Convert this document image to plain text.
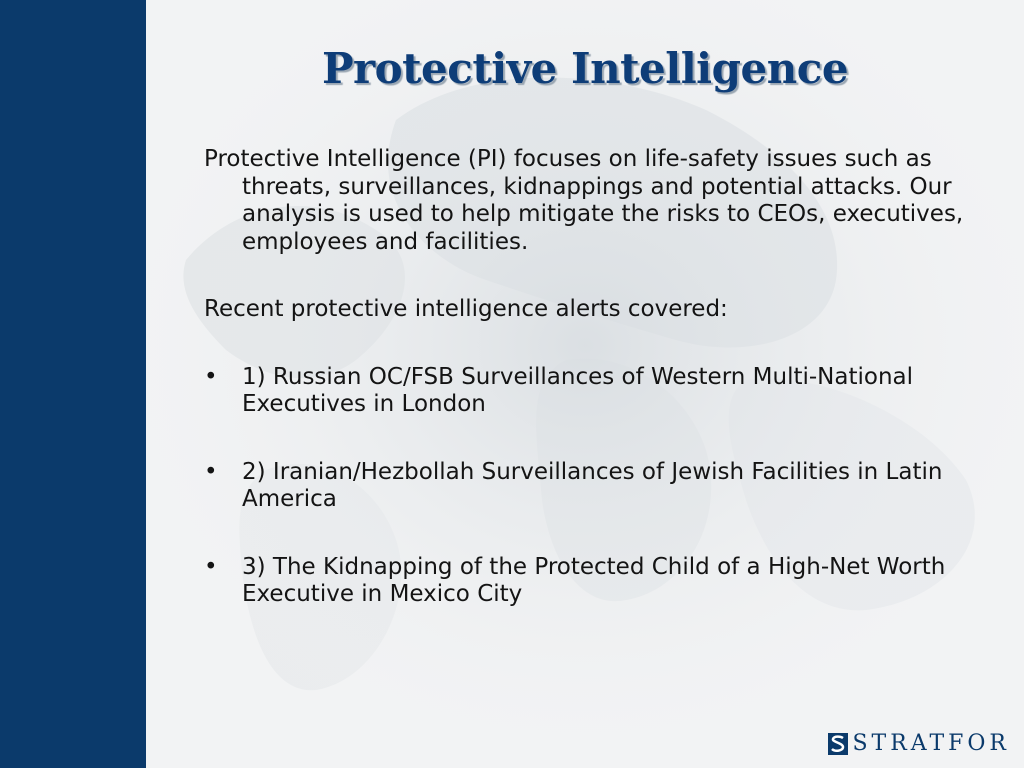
Protective Intelligence

Protective Intelligence (PI) focuses on life-safety issues such as threats, surveillances, kidnappings and potential attacks. Our analysis is used to help mitigate the risks to CEOs, executives, employees and facilities.

Recent protective intelligence alerts covered:

•	1) Russian OC/FSB Surveillances of Western Multi-National Executives in London
•	2) Iranian/Hezbollah Surveillances of Jewish Facilities in Latin America
•	3) The Kidnapping of the Protected Child of a High-Net Worth Executive in Mexico City
STRATFOR
